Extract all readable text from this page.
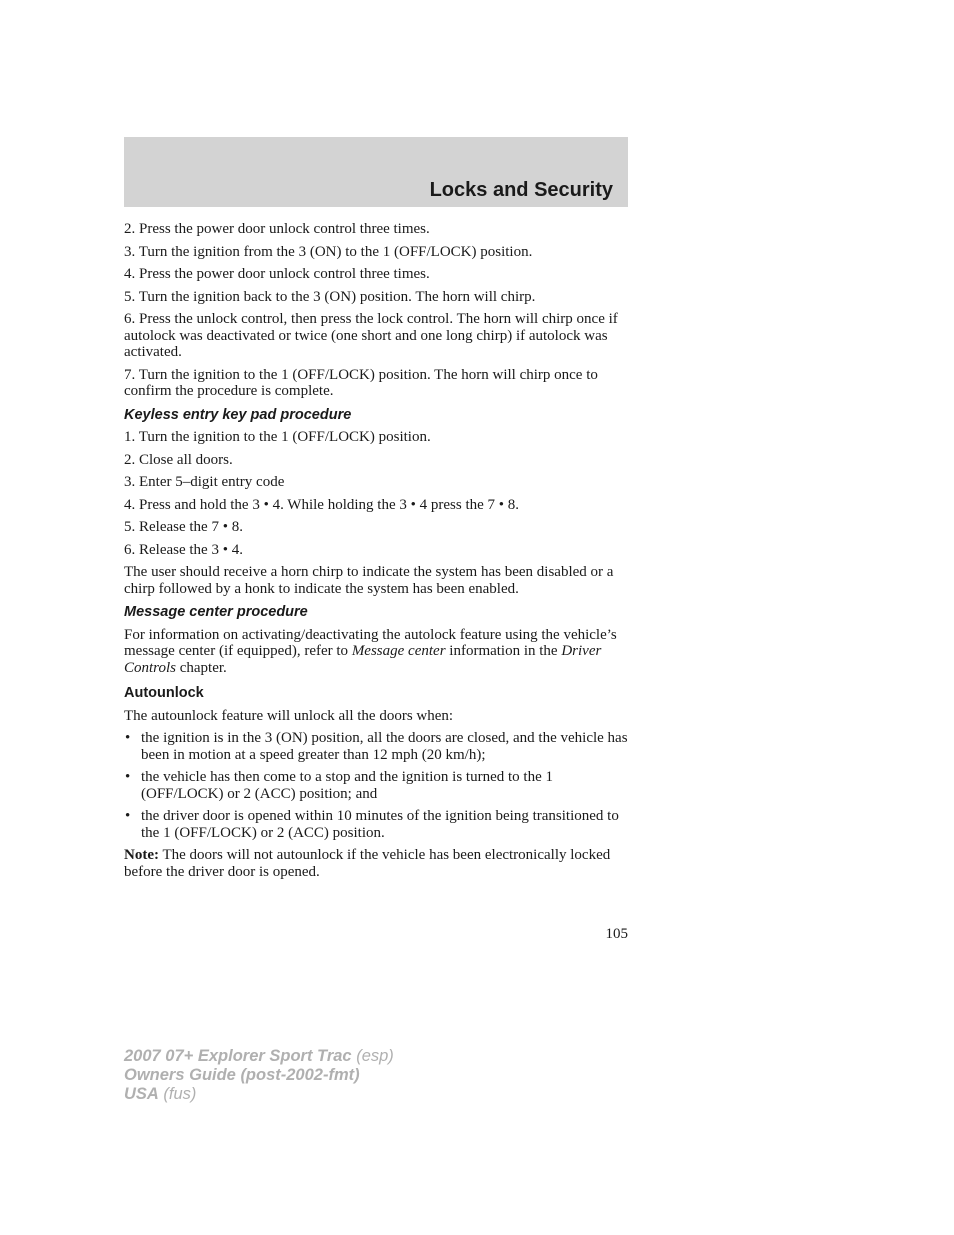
Locks and Security

2. Press the power door unlock control three times.

3. Turn the ignition from the 3 (ON) to the 1 (OFF/LOCK) position.

4. Press the power door unlock control three times.

5. Turn the ignition back to the 3 (ON) position. The horn will chirp.

6. Press the unlock control, then press the lock control. The horn will chirp once if autolock was deactivated or twice (one short and one long chirp) if autolock was activated.

7. Turn the ignition to the 1 (OFF/LOCK) position. The horn will chirp once to confirm the procedure is complete.

Keyless entry key pad procedure

1. Turn the ignition to the 1 (OFF/LOCK) position.

2. Close all doors.

3. Enter 5–digit entry code

4. Press and hold the 3 • 4. While holding the 3 • 4 press the 7 • 8.

5. Release the 7 • 8.

6. Release the 3 • 4.

The user should receive a horn chirp to indicate the system has been disabled or a chirp followed by a honk to indicate the system has been enabled.

Message center procedure

For information on activating/deactivating the autolock feature using the vehicle’s message center (if equipped), refer to Message center information in the Driver Controls chapter.

Autounlock

The autounlock feature will unlock all the doors when:

• the ignition is in the 3 (ON) position, all the doors are closed, and the vehicle has been in motion at a speed greater than 12 mph (20 km/h);
• the vehicle has then come to a stop and the ignition is turned to the 1 (OFF/LOCK) or 2 (ACC) position; and
• the driver door is opened within 10 minutes of the ignition being transitioned to the 1 (OFF/LOCK) or 2 (ACC) position.

Note: The doors will not autounlock if the vehicle has been electronically locked before the driver door is opened.

105
2007 07+ Explorer Sport Trac (esp)
Owners Guide (post-2002-fmt)
USA (fus)
